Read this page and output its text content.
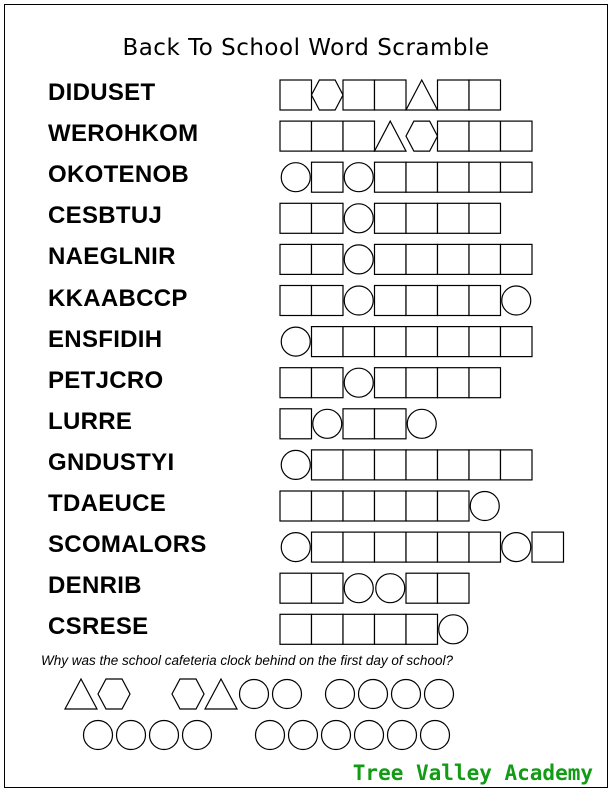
Back To School Word Scramble
DIDUSET
WEROHKOM
OKOTENOB
CESBTUJ
NAEGLNIR
KKAABCCP
ENSFIDIH
PETJCRO
LURRE
GNDUSTYI
TDAEUCE
SCOMALORS
DENRIB
CSRESE
Why was the school cafeteria clock behind on the first day of school?
Tree Valley Academy
